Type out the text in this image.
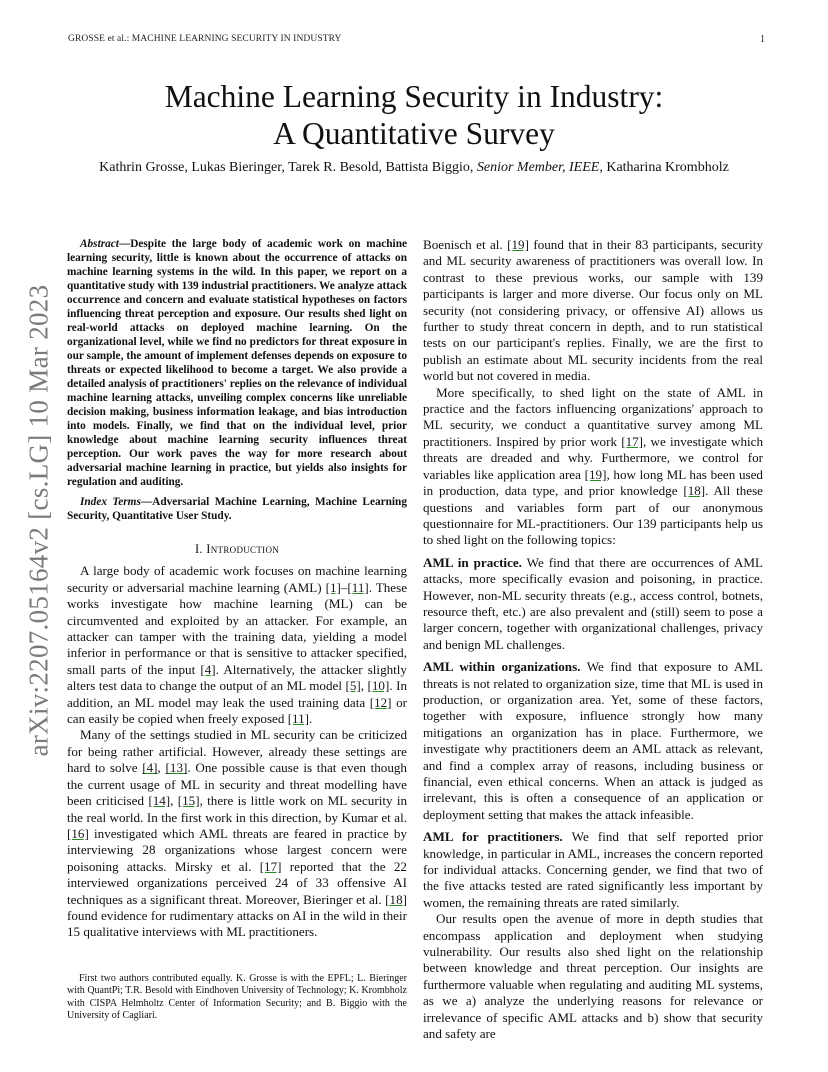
GROSSE et al.: MACHINE LEARNING SECURITY IN INDUSTRY	1
arXiv:2207.05164v2 [cs.LG] 10 Mar 2023
Machine Learning Security in Industry:
A Quantitative Survey
Kathrin Grosse, Lukas Bieringer, Tarek R. Besold, Battista Biggio, Senior Member, IEEE, Katharina Krombholz

Abstract—Despite the large body of academic work on machine learning security, little is known about the occurrence of attacks on machine learning systems in the wild. In this paper, we report on a quantitative study with 139 industrial practitioners. We analyze attack occurrence and concern and evaluate statistical hypotheses on factors influencing threat perception and exposure. Our results shed light on real-world attacks on deployed machine learning. On the organizational level, while we find no predictors for threat exposure in our sample, the amount of implement defenses depends on exposure to threats or expected likelihood to become a target. We also provide a detailed analysis of practitioners' replies on the relevance of individual machine learning attacks, unveiling complex concerns like unreliable decision making, business information leakage, and bias introduction into models. Finally, we find that on the individual level, prior knowledge about machine learning security influences threat perception. Our work paves the way for more research about adversarial machine learning in practice, but yields also insights for regulation and auditing.

Index Terms—Adversarial Machine Learning, Machine Learning Security, Quantitative User Study.

I. Introduction

A large body of academic work focuses on machine learning security or adversarial machine learning (AML) [1]–[11]. These works investigate how machine learning (ML) can be circumvented and exploited by an attacker. For example, an attacker can tamper with the training data, yielding a model inferior in performance or that is sensitive to attacker specified, small parts of the input [4]. Alternatively, the attacker slightly alters test data to change the output of an ML model [5], [10]. In addition, an ML model may leak the used training data [12] or can easily be copied when freely exposed [11].

Many of the settings studied in ML security can be criticized for being rather artificial. However, already these settings are hard to solve [4], [13]. One possible cause is that even though the current usage of ML in security and threat modelling have been criticised [14], [15], there is little work on ML security in the real world. In the first work in this direction, by Kumar et al. [16] investigated which AML threats are feared in practice by interviewing 28 organizations whose largest concern were poisoning attacks. Mirsky et al. [17] reported that the 22 interviewed organizations perceived 24 of 33 offensive AI techniques as a significant threat. Moreover, Bieringer et al. [18] found evidence for rudimentary attacks on AI in the wild in their 15 qualitative interviews with ML practitioners.

First two authors contributed equally. K. Grosse is with the EPFL; L. Bieringer with QuantPi; T.R. Besold with Eindhoven University of Technology; K. Krombholz with CISPA Helmholtz Center of Information Security; and B. Biggio with the University of Cagliari.

Boenisch et al. [19] found that in their 83 participants, security and ML security awareness of practitioners was overall low. In contrast to these previous works, our sample with 139 participants is larger and more diverse. Our focus only on ML security (not considering privacy, or offensive AI) allows us further to study threat concern in depth, and to run statistical tests on our participant's replies. Finally, we are the first to publish an estimate about ML security incidents from the real world but not covered in media.

More specifically, to shed light on the state of AML in practice and the factors influencing organizations' approach to ML security, we conduct a quantitative survey among ML practitioners. Inspired by prior work [17], we investigate which threats are dreaded and why. Furthermore, we control for variables like application area [19], how long ML has been used in production, data type, and prior knowledge [18]. All these questions and variables form part of our anonymous questionnaire for ML-practitioners. Our 139 participants help us to shed light on the following topics:

AML in practice. We find that there are occurrences of AML attacks, more specifically evasion and poisoning, in practice. However, non-ML security threats (e.g., access control, botnets, resource theft, etc.) are also prevalent and (still) seem to pose a larger concern, together with organizational challenges, privacy and benign ML challenges.

AML within organizations. We find that exposure to AML threats is not related to organization size, time that ML is used in production, or organization area. Yet, some of these factors, together with exposure, influence strongly how many mitigations an organization has in place. Furthermore, we investigate why practitioners deem an AML attack as relevant, and find a complex array of reasons, including business or financial, even ethical concerns. When an attack is judged as irrelevant, this is often a consequence of an application or deployment setting that makes the attack infeasible.

AML for practitioners. We find that self reported prior knowledge, in particular in AML, increases the concern reported for individual attacks. Concerning gender, we find that two of the five attacks tested are rated significantly less important by women, the remaining threats are rated similarly.

Our results open the avenue of more in depth studies that encompass application and deployment when studying vulnerability. Our results also shed light on the relationship between knowledge and threat perception. Our insights are furthermore valuable when regulating and auditing ML systems, as we a) analyze the underlying reasons for relevance or irrelevance of specific AML attacks and b) show that security and safety are
